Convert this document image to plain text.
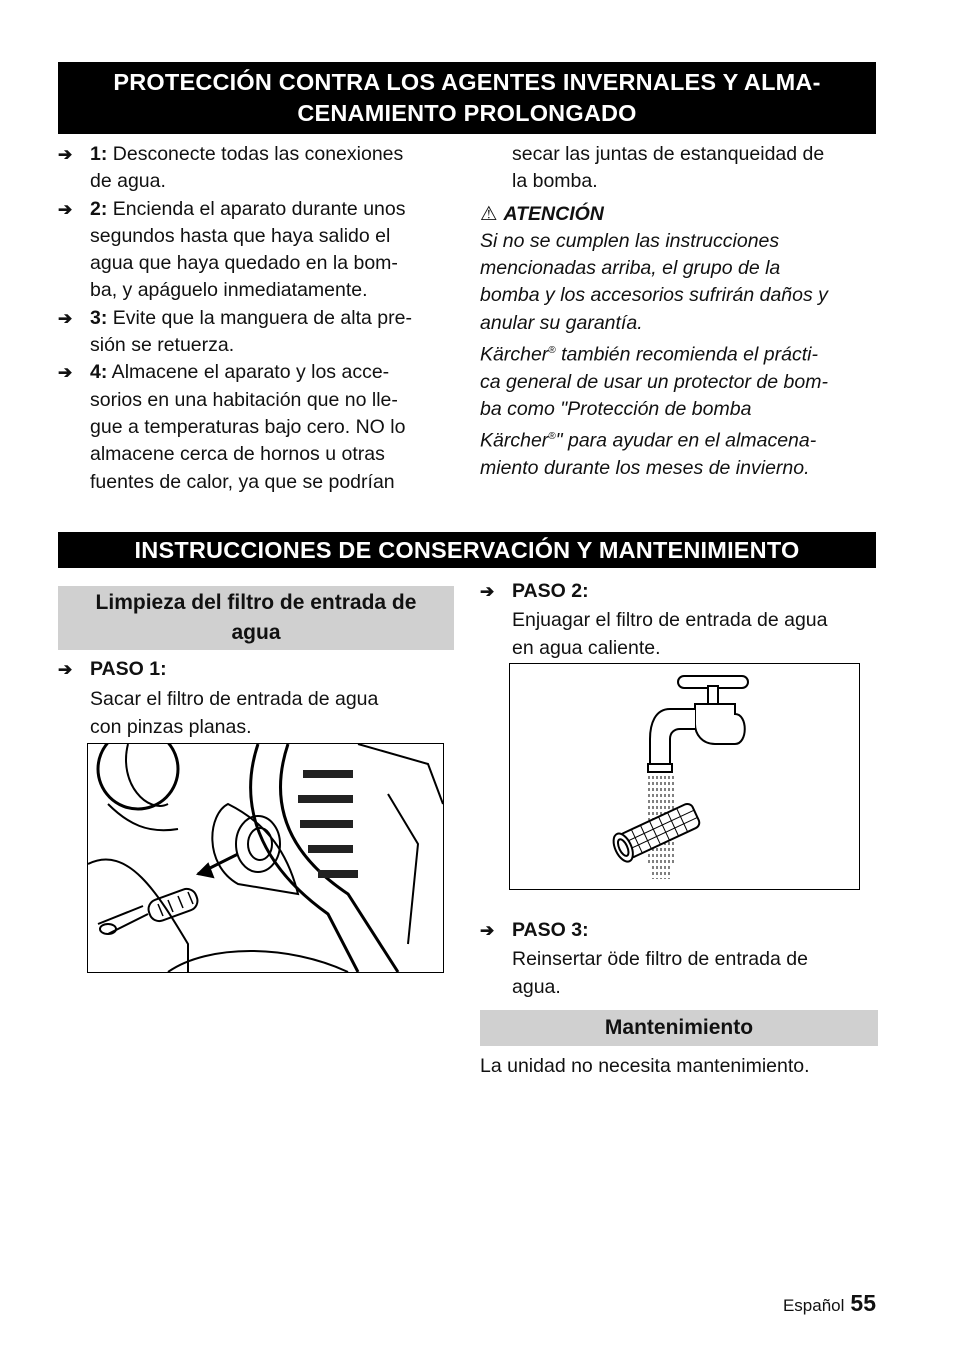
PROTECCIÓN CONTRA LOS AGENTES INVERNALES Y ALMA-
CENAMIENTO PROLONGADO
➔ 1: Desconecte todas las conexiones
de agua.
➔ 2: Encienda el aparato durante unos
segundos hasta que haya salido el
agua que haya quedado en la bom-
ba, y apáguelo inmediatamente.
➔ 3: Evite que la manguera de alta pre-
sión se retuerza.
➔ 4: Almacene el aparato y los acce-
sorios en una habitación que no lle-
gue a temperaturas bajo cero. NO lo
almacene cerca de hornos u otras
fuentes de calor, ya que se podrían
secar las juntas de estanqueidad de
la bomba.
⚠ ATENCIÓN
Si no se cumplen las instrucciones
mencionadas arriba, el grupo de la
bomba y los accesorios sufrirán daños y
anular su garantía.
Kärcher® también recomienda el prácti-
ca general de usar un protector de bom-
ba como "Protección de bomba
Kärcher®" para ayudar en el almacena-
miento durante los meses de invierno.
INSTRUCCIONES DE CONSERVACIÓN Y MANTENIMIENTO
Limpieza del filtro de entrada de
agua
➔ PASO 1:
Sacar el filtro de entrada de agua
con pinzas planas.
➔ PASO 2:
Enjuagar el filtro de entrada de agua
en agua caliente.
➔ PASO 3:
Reinsertar öde filtro de entrada de
agua.
Mantenimiento
La unidad no necesita mantenimiento.
Español 55
